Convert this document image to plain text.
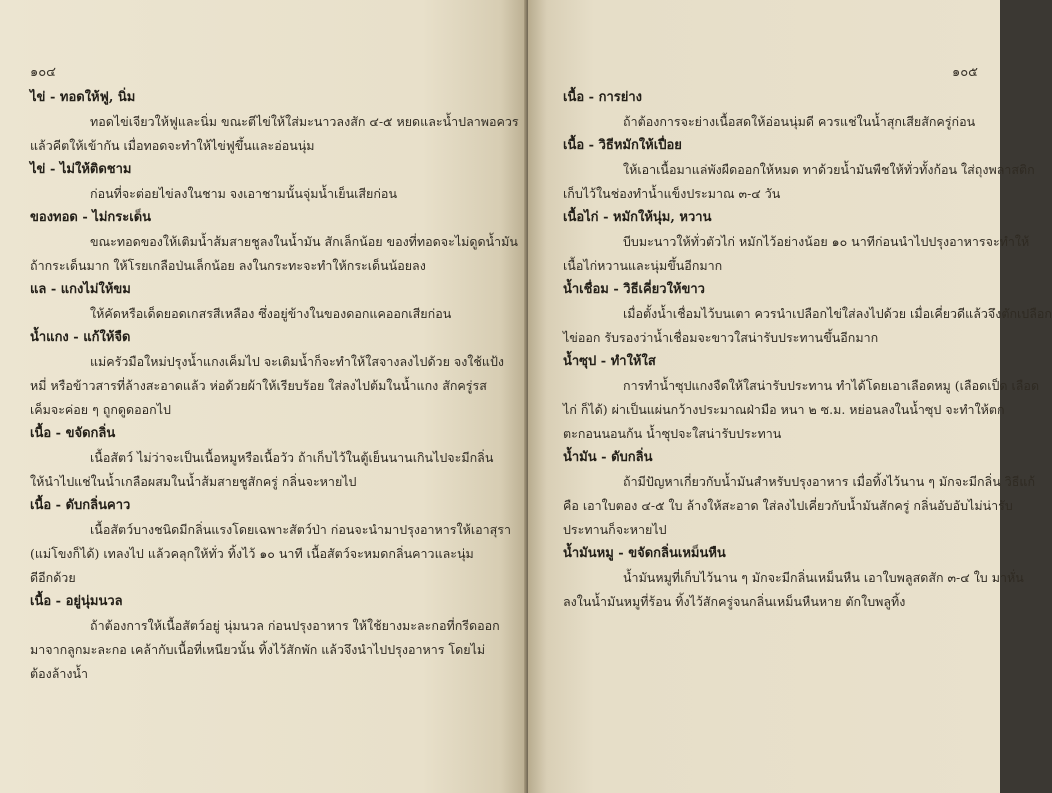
๑๐๔
ไข่ - ทอดให้ฟู, นิ่ม

ทอดไข่เจียวให้ฟูและนิ่ม ขณะตีไข่ให้ใส่มะนาวลงสัก ๔-๕ หยดและน้ำปลาพอควร

แล้วคีตให้เข้ากัน เมื่อทอดจะทำให้ไข่ฟูขึ้นและอ่อนนุ่ม

ไข่ - ไม่ให้ติดชาม

ก่อนที่จะต่อยไข่ลงในชาม จงเอาชามนั้นจุ่มน้ำเย็นเสียก่อน

ของทอด - ไม่กระเด็น

ขณะทอดของให้เติมน้ำส้มสายชูลงในน้ำมัน สักเล็กน้อย ของที่ทอดจะไม่ดูดน้ำมัน

ถ้ากระเด็นมาก ให้โรยเกลือป่นเล็กน้อย ลงในกระทะจะทำให้กระเด็นน้อยลง

แล - แกงไม่ให้ขม

ให้คัดหรือเด็ดยอดเกสรสีเหลือง ซึ่งอยู่ข้างในของดอกแคออกเสียก่อน

น้ำแกง - แก้ให้จืด

แม่ครัวมือใหม่ปรุงน้ำแกงเค็มไป จะเติมน้ำก็จะทำให้ใสจางลงไปด้วย จงใช้แป้ง

หมี่ หรือข้าวสารที่ล้างสะอาดแล้ว ห่อด้วยผ้าให้เรียบร้อย ใส่ลงไปต้มในน้ำแกง สักครู่รส

เค็มจะค่อย ๆ ถูกดูดออกไป

เนื้อ - ขจัดกลิ่น

เนื้อสัตว์ ไม่ว่าจะเป็นเนื้อหมูหรือเนื้อวัว ถ้าเก็บไว้ในตู้เย็นนานเกินไปจะมีกลิ่น

ให้นำไปแช่ในน้ำเกลือผสมในน้ำส้มสายชูสักครู่ กลิ่นจะหายไป

เนื้อ - ดับกลิ่นคาว

เนื้อสัตว์บางชนิดมีกลิ่นแรงโดยเฉพาะสัตว์ป่า ก่อนจะนำมาปรุงอาหารให้เอาสุรา

(แม่โขงก็ได้) เทลงไป แล้วคลุกให้ทั่ว ทิ้งไว้ ๑๐ นาที เนื้อสัตว์จะหมดกลิ่นคาวและนุ่ม

ดีอีกด้วย

เนื้อ - อยู่นุ่มนวล

ถ้าต้องการให้เนื้อสัตว์อยู่ นุ่มนวล ก่อนปรุงอาหาร ให้ใช้ยางมะละกอที่กรีดออก

มาจากลูกมะละกอ เคล้ากับเนื้อที่เหนียวนั้น ทิ้งไว้สักพัก แล้วจึงนำไปปรุงอาหาร โดยไม่

ต้องล้างน้ำ

๑๐๕
เนื้อ - การย่าง

ถ้าต้องการจะย่างเนื้อสดให้อ่อนนุ่มดี ควรแช่ในน้ำสุกเสียสักครู่ก่อน

เนื้อ - วิธีหมักให้เปื่อย

ให้เอาเนื้อมาแล่พังผืดออกให้หมด ทาด้วยน้ำมันพืชให้ทั่วทั้งก้อน ใส่ถุงพลาสติก

เก็บไว้ในช่องทำน้ำแข็งประมาณ ๓-๔ วัน

เนื้อไก่ - หมักให้นุ่ม, หวาน

บีบมะนาวให้ทั่วตัวไก่ หมักไว้อย่างน้อย ๑๐ นาทีก่อนนำไปปรุงอาหารจะทำให้

เนื้อไก่หวานและนุ่มขึ้นอีกมาก

น้ำเชื่อม - วิธีเคี่ยวให้ขาว

เมื่อตั้งน้ำเชื่อมไว้บนเตา ควรนำเปลือกไข่ใส่ลงไปด้วย เมื่อเคี่ยวดีแล้วจึงตักเปลือก

ไข่ออก รับรองว่าน้ำเชื่อมจะขาวใสน่ารับประทานขึ้นอีกมาก

น้ำซุป - ทำให้ใส

การทำน้ำซุปแกงจืดให้ใสน่ารับประทาน ทำได้โดยเอาเลือดหมู (เลือดเป็ด เลือด

ไก่ ก็ได้) ผ่าเป็นแผ่นกว้างประมาณฝ่ามือ หนา ๒ ซ.ม. หย่อนลงในน้ำซุป จะทำให้ตก

ตะกอนนอนก้น น้ำซุปจะใสน่ารับประทาน

น้ำมัน - ดับกลิ่น

ถ้ามีปัญหาเกี่ยวกับน้ำมันสำหรับปรุงอาหาร เมื่อทิ้งไว้นาน ๆ มักจะมีกลิ่น วิธีแก้

คือ เอาใบตอง ๔-๕ ใบ ล้างให้สะอาด ใส่ลงไปเคี่ยวกับน้ำมันสักครู่ กลิ่นอับอับไม่น่ารับ

ประทานก็จะหายไป

น้ำมันหมู - ขจัดกลิ่นเหม็นหืน

น้ำมันหมูที่เก็บไว้นาน ๆ มักจะมีกลิ่นเหม็นหืน เอาใบพลูสดสัก ๓-๔ ใบ มาหั่น

ลงในน้ำมันหมูที่ร้อน ทิ้งไว้สักครู่จนกลิ่นเหม็นหืนหาย ตักใบพลูทิ้ง
